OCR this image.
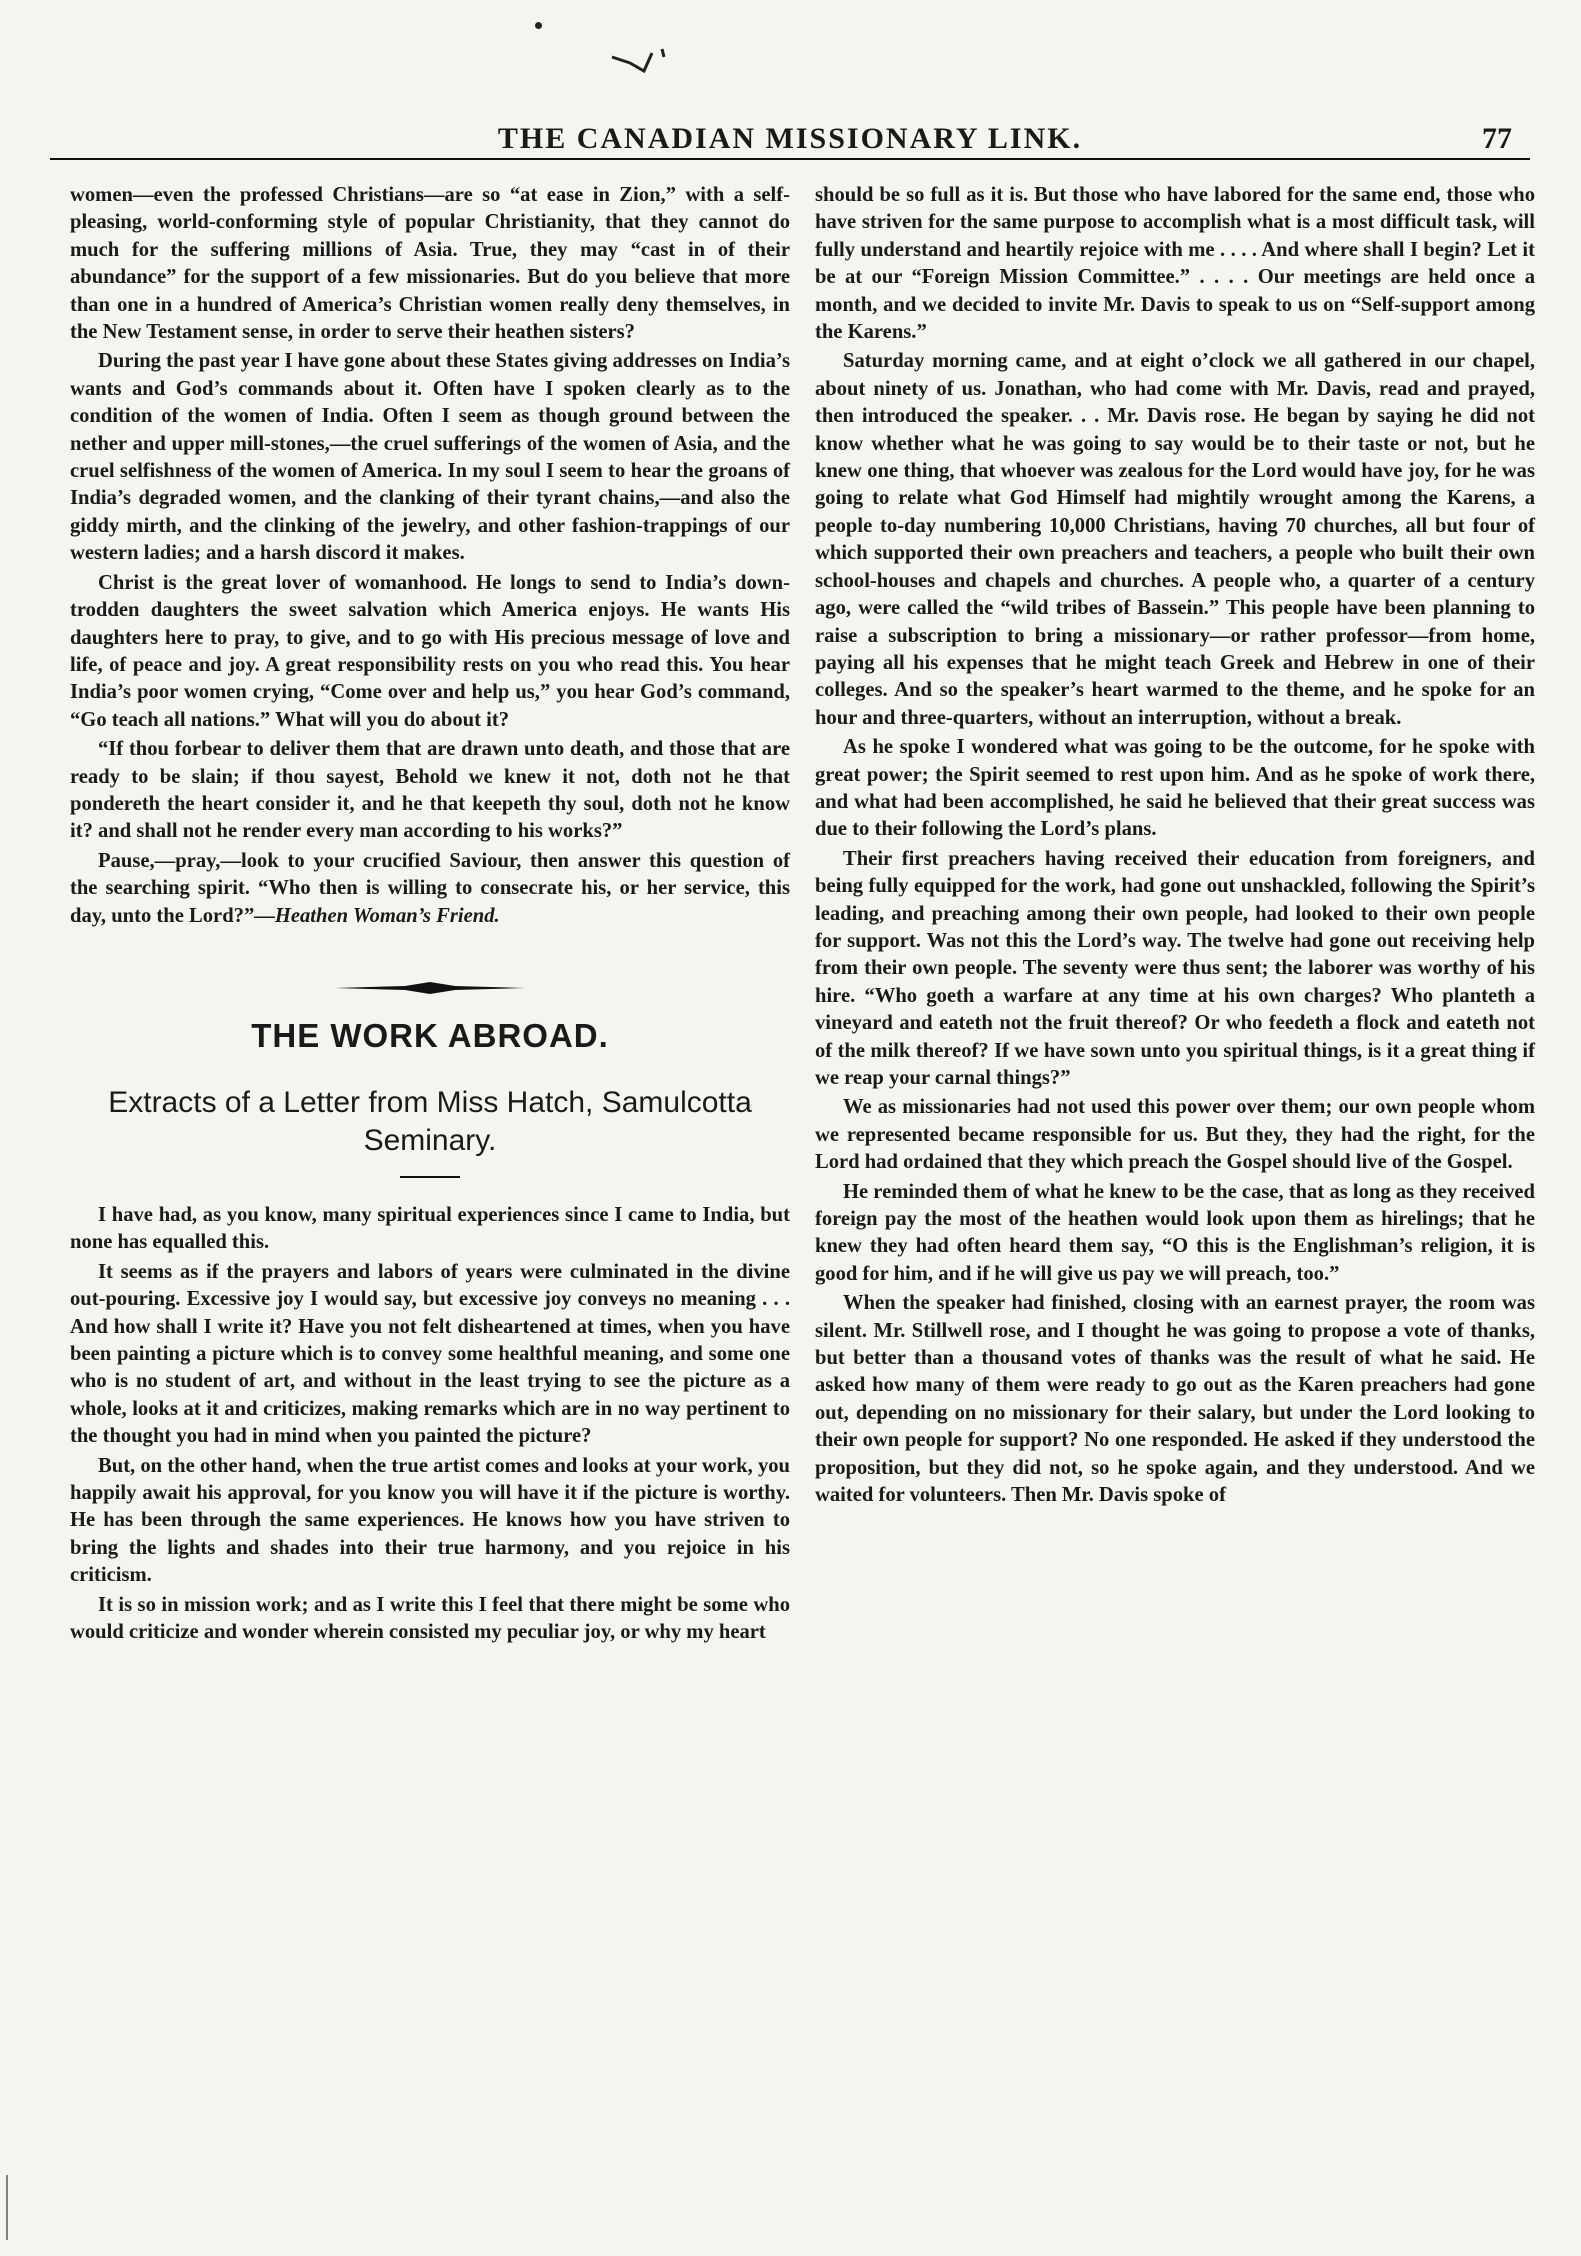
THE CANADIAN MISSIONARY LINK.	77

women—even the professed Christians—are so “at ease in Zion,” with a self-pleasing, world-conforming style of popular Christianity, that they cannot do much for the suffering millions of Asia. True, they may “cast in of their abundance” for the support of a few missionaries. But do you believe that more than one in a hundred of America’s Christian women really deny themselves, in the New Testament sense, in order to serve their heathen sisters?

During the past year I have gone about these States giving addresses on India’s wants and God’s commands about it. Often have I spoken clearly as to the condition of the women of India. Often I seem as though ground between the nether and upper mill-stones,—the cruel sufferings of the women of Asia, and the cruel selfishness of the women of America. In my soul I seem to hear the groans of India’s degraded women, and the clanking of their tyrant chains,—and also the giddy mirth, and the clinking of the jewelry, and other fashion-trappings of our western ladies; and a harsh discord it makes.

Christ is the great lover of womanhood. He longs to send to India’s down-trodden daughters the sweet salvation which America enjoys. He wants His daughters here to pray, to give, and to go with His precious message of love and life, of peace and joy. A great responsibility rests on you who read this. You hear India’s poor women crying, “Come over and help us,” you hear God’s command, “Go teach all nations.” What will you do about it?

“If thou forbear to deliver them that are drawn unto death, and those that are ready to be slain; if thou sayest, Behold we knew it not, doth not he that pondereth the heart consider it, and he that keepeth thy soul, doth not he know it? and shall not he render every man according to his works?”

Pause,—pray,—look to your crucified Saviour, then answer this question of the searching spirit. “Who then is willing to consecrate his, or her service, this day, unto the Lord?”—Heathen Woman’s Friend.

THE WORK ABROAD.
Extracts of a Letter from Miss Hatch, Samulcotta Seminary.

I have had, as you know, many spiritual experiences since I came to India, but none has equalled this.

It seems as if the prayers and labors of years were culminated in the divine out-pouring. Excessive joy I would say, but excessive joy conveys no meaning . . . And how shall I write it? Have you not felt disheartened at times, when you have been painting a picture which is to convey some healthful meaning, and some one who is no student of art, and without in the least trying to see the picture as a whole, looks at it and criticizes, making remarks which are in no way pertinent to the thought you had in mind when you painted the picture?

But, on the other hand, when the true artist comes and looks at your work, you happily await his approval, for you know you will have it if the picture is worthy. He has been through the same experiences. He knows how you have striven to bring the lights and shades into their true harmony, and you rejoice in his criticism.

It is so in mission work; and as I write this I feel that there might be some who would criticize and wonder wherein consisted my peculiar joy, or why my heart

should be so full as it is. But those who have labored for the same end, those who have striven for the same purpose to accomplish what is a most difficult task, will fully understand and heartily rejoice with me . . . . And where shall I begin? Let it be at our “Foreign Mission Committee.” . . . . Our meetings are held once a month, and we decided to invite Mr. Davis to speak to us on “Self-support among the Karens.”

Saturday morning came, and at eight o’clock we all gathered in our chapel, about ninety of us. Jonathan, who had come with Mr. Davis, read and prayed, then introduced the speaker. . . Mr. Davis rose. He began by saying he did not know whether what he was going to say would be to their taste or not, but he knew one thing, that whoever was zealous for the Lord would have joy, for he was going to relate what God Himself had mightily wrought among the Karens, a people to-day numbering 10,000 Christians, having 70 churches, all but four of which supported their own preachers and teachers, a people who built their own school-houses and chapels and churches. A people who, a quarter of a century ago, were called the “wild tribes of Bassein.” This people have been planning to raise a subscription to bring a missionary—or rather professor—from home, paying all his expenses that he might teach Greek and Hebrew in one of their colleges. And so the speaker’s heart warmed to the theme, and he spoke for an hour and three-quarters, without an interruption, without a break.

As he spoke I wondered what was going to be the outcome, for he spoke with great power; the Spirit seemed to rest upon him. And as he spoke of work there, and what had been accomplished, he said he believed that their great success was due to their following the Lord’s plans.

Their first preachers having received their education from foreigners, and being fully equipped for the work, had gone out unshackled, following the Spirit’s leading, and preaching among their own people, had looked to their own people for support. Was not this the Lord’s way. The twelve had gone out receiving help from their own people. The seventy were thus sent; the laborer was worthy of his hire. “Who goeth a warfare at any time at his own charges? Who planteth a vineyard and eateth not the fruit thereof? Or who feedeth a flock and eateth not of the milk thereof? If we have sown unto you spiritual things, is it a great thing if we reap your carnal things?”

We as missionaries had not used this power over them; our own people whom we represented became responsible for us. But they, they had the right, for the Lord had ordained that they which preach the Gospel should live of the Gospel.

He reminded them of what he knew to be the case, that as long as they received foreign pay the most of the heathen would look upon them as hirelings; that he knew they had often heard them say, “O this is the Englishman’s religion, it is good for him, and if he will give us pay we will preach, too.”

When the speaker had finished, closing with an earnest prayer, the room was silent. Mr. Stillwell rose, and I thought he was going to propose a vote of thanks, but better than a thousand votes of thanks was the result of what he said. He asked how many of them were ready to go out as the Karen preachers had gone out, depending on no missionary for their salary, but under the Lord looking to their own people for support? No one responded. He asked if they understood the proposition, but they did not, so he spoke again, and they understood. And we waited for volunteers. Then Mr. Davis spoke of
